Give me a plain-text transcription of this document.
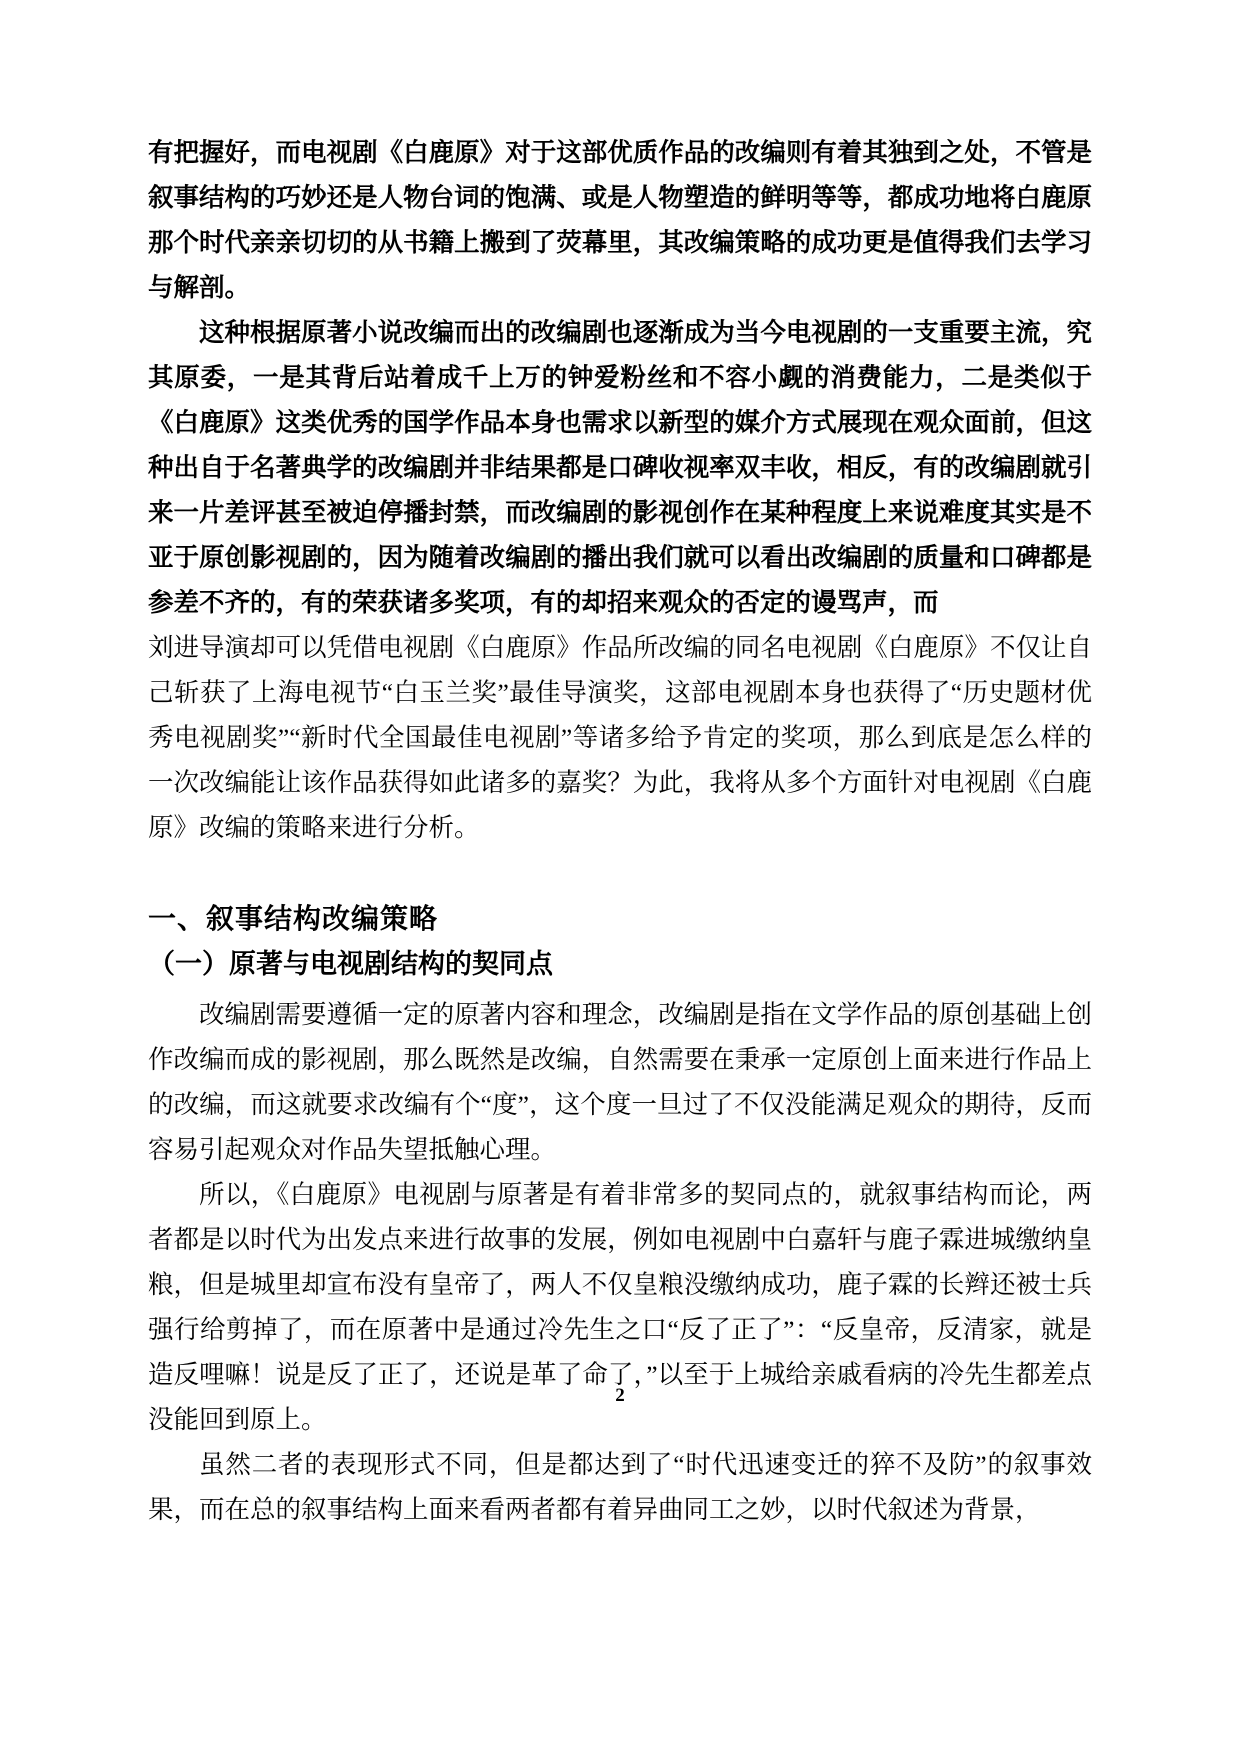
有把握好，而电视剧《白鹿原》对于这部优质作品的改编则有着其独到之处，不管是叙事结构的巧妙还是人物台词的饱满、或是人物塑造的鲜明等等，都成功地将白鹿原那个时代亲亲切切的从书籍上搬到了荧幕里，其改编策略的成功更是值得我们去学习与解剖。

这种根据原著小说改编而出的改编剧也逐渐成为当今电视剧的一支重要主流，究其原委，一是其背后站着成千上万的钟爱粉丝和不容小觑的消费能力，二是类似于《白鹿原》这类优秀的国学作品本身也需求以新型的媒介方式展现在观众面前，但这种出自于名著典学的改编剧并非结果都是口碑收视率双丰收，相反，有的改编剧就引来一片差评甚至被迫停播封禁，而改编剧的影视创作在某种程度上来说难度其实是不亚于原创影视剧的，因为随着改编剧的播出我们就可以看出改编剧的质量和口碑都是参差不齐的，有的荣获诸多奖项，有的却招来观众的否定的谩骂声，而

刘进导演却可以凭借电视剧《白鹿原》作品所改编的同名电视剧《白鹿原》不仅让自己斩获了上海电视节“白玉兰奖”最佳导演奖，这部电视剧本身也获得了“历史题材优秀电视剧奖”“新时代全国最佳电视剧”等诸多给予肯定的奖项，那么到底是怎么样的一次改编能让该作品获得如此诸多的嘉奖？为此，我将从多个方面针对电视剧《白鹿原》改编的策略来进行分析。

一、叙事结构改编策略
（一）原著与电视剧结构的契同点

改编剧需要遵循一定的原著内容和理念，改编剧是指在文学作品的原创基础上创作改编而成的影视剧，那么既然是改编，自然需要在秉承一定原创上面来进行作品上的改编，而这就要求改编有个“度”，这个度一旦过了不仅没能满足观众的期待，反而容易引起观众对作品失望抵触心理。

所以，《白鹿原》电视剧与原著是有着非常多的契同点的，就叙事结构而论，两者都是以时代为出发点来进行故事的发展，例如电视剧中白嘉轩与鹿子霖进城缴纳皇粮，但是城里却宣布没有皇帝了，两人不仅皇粮没缴纳成功，鹿子霖的长辫还被士兵强行给剪掉了，而在原著中是通过冷先生之口“反了正了”：“反皇帝，反清家，就是造反哩嘛！说是反了正了，还说是革了命了，”以至于上城给亲戚看病的冷先生都差点没能回到原上。

虽然二者的表现形式不同，但是都达到了“时代迅速变迁的猝不及防”的叙事效果，而在总的叙事结构上面来看两者都有着异曲同工之妙，以时代叙述为背景，

2
